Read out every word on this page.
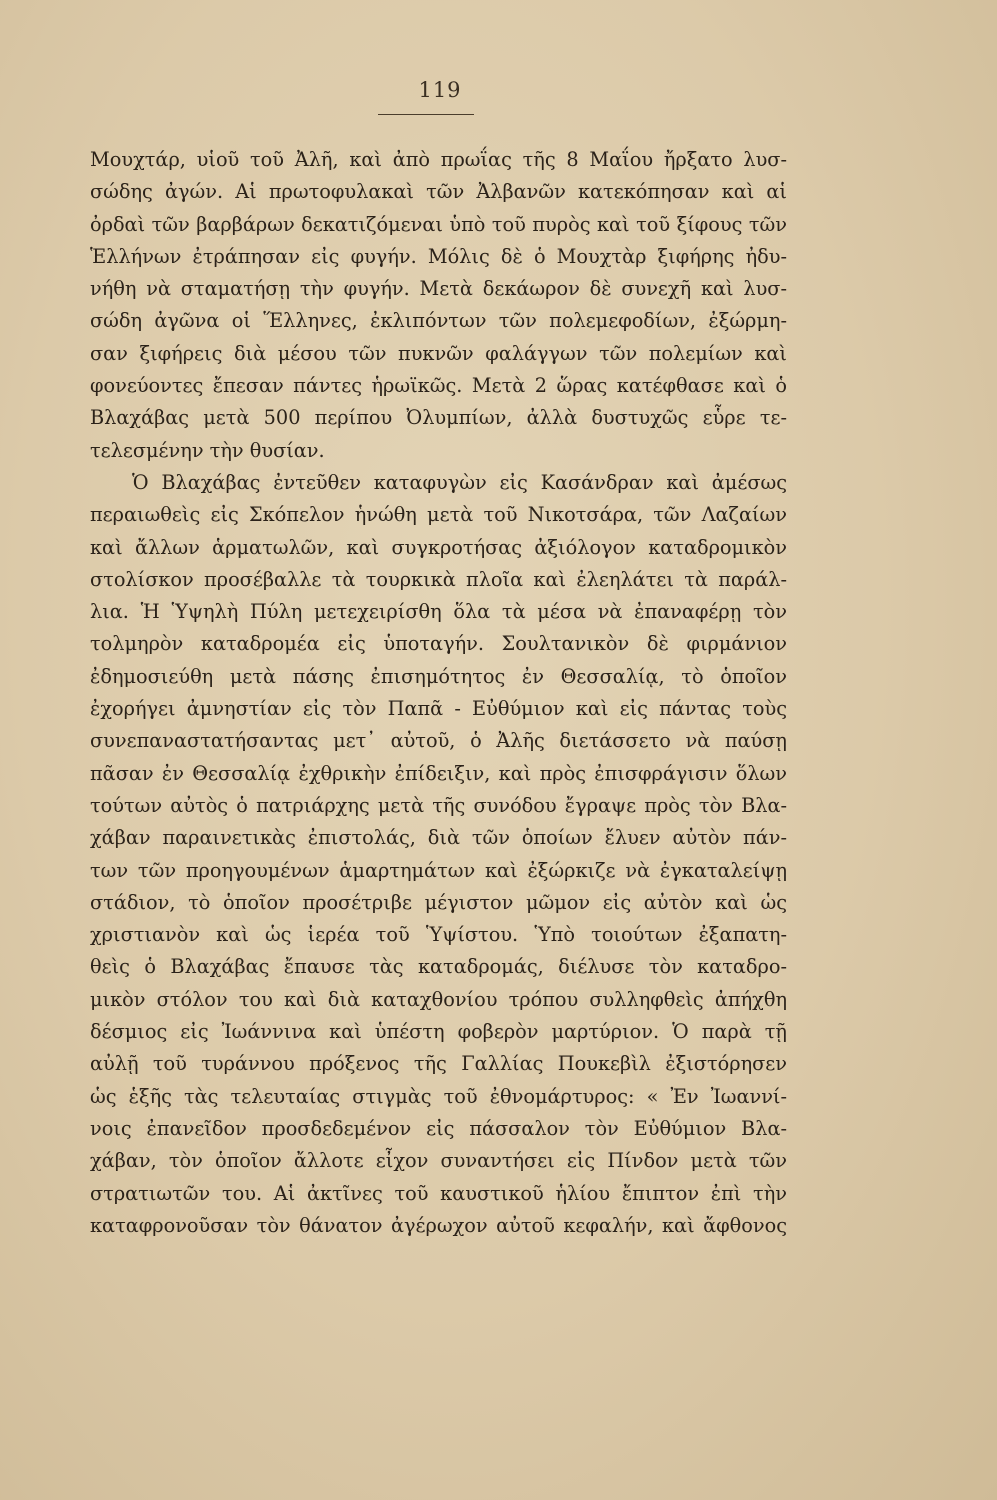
119
Μουχτάρ, υἱοῦ τοῦ Ἀλῆ, καὶ ἀπὸ πρωΐας τῆς 8 Μαΐου ἤρξατο λυσ-
σώδης ἀγών. Αἱ πρωτοφυλακαὶ τῶν Ἀλβανῶν κατεκόπησαν καὶ αἱ
ὀρδαὶ τῶν βαρβάρων δεκατιζόμεναι ὑπὸ τοῦ πυρὸς καὶ τοῦ ξίφους τῶν
Ἑλλήνων ἐτράπησαν εἰς φυγήν. Μόλις δὲ ὁ Μουχτὰρ ξιφήρης ἠδυ-
νήθη νὰ σταματήσῃ τὴν φυγήν. Μετὰ δεκάωρον δὲ συνεχῆ καὶ λυσ-
σώδη ἀγῶνα οἱ Ἕλληνες, ἐκλιπόντων τῶν πολεμεφοδίων, ἐξώρμη-
σαν ξιφήρεις διὰ μέσου τῶν πυκνῶν φαλάγγων τῶν πολεμίων καὶ
φονεύοντες ἔπεσαν πάντες ἡρωϊκῶς. Μετὰ 2 ὥρας κατέφθασε καὶ ὁ
Βλαχάβας μετὰ 500 περίπου Ὀλυμπίων, ἀλλὰ δυστυχῶς εὗρε τε-
τελεσμένην τὴν θυσίαν.
Ὁ Βλαχάβας ἐντεῦθεν καταφυγὼν εἰς Κασάνδραν καὶ ἀμέσως
περαιωθεὶς εἰς Σκόπελον ἡνώθη μετὰ τοῦ Νικοτσάρα, τῶν Λαζαίων
καὶ ἄλλων ἁρματωλῶν, καὶ συγκροτήσας ἀξιόλογον καταδρομικὸν
στολίσκον προσέβαλλε τὰ τουρκικὰ πλοῖα καὶ ἐλεηλάτει τὰ παράλ-
λια. Ἡ Ὑψηλὴ Πύλη μετεχειρίσθη ὅλα τὰ μέσα νὰ ἐπαναφέρῃ τὸν
τολμηρὸν καταδρομέα εἰς ὑποταγήν. Σουλτανικὸν δὲ φιρμάνιον
ἐδημοσιεύθη μετὰ πάσης ἐπισημότητος ἐν Θεσσαλίᾳ, τὸ ὁποῖον
ἐχορήγει ἀμνηστίαν εἰς τὸν Παπᾶ - Εὐθύμιον καὶ εἰς πάντας τοὺς
συνεπαναστατήσαντας μετ᾽ αὐτοῦ, ὁ Ἀλῆς διετάσσετο νὰ παύσῃ
πᾶσαν ἐν Θεσσαλίᾳ ἐχθρικὴν ἐπίδειξιν, καὶ πρὸς ἐπισφράγισιν ὅλων
τούτων αὐτὸς ὁ πατριάρχης μετὰ τῆς συνόδου ἔγραψε πρὸς τὸν Βλα-
χάβαν παραινετικὰς ἐπιστολάς, διὰ τῶν ὁποίων ἔλυεν αὐτὸν πάν-
των τῶν προηγουμένων ἁμαρτημάτων καὶ ἐξώρκιζε νὰ ἐγκαταλείψῃ
στάδιον, τὸ ὁποῖον προσέτριβε μέγιστον μῶμον εἰς αὐτὸν καὶ ὡς
χριστιανὸν καὶ ὡς ἱερέα τοῦ Ὑψίστου. Ὑπὸ τοιούτων ἐξαπατη-
θεὶς ὁ Βλαχάβας ἔπαυσε τὰς καταδρομάς, διέλυσε τὸν καταδρο-
μικὸν στόλον του καὶ διὰ καταχθονίου τρόπου συλληφθεὶς ἀπήχθη
δέσμιος εἰς Ἰωάννινα καὶ ὑπέστη φοβερὸν μαρτύριον. Ὁ παρὰ τῇ
αὐλῇ τοῦ τυράννου πρόξενος τῆς Γαλλίας Πουκεβὶλ ἐξιστόρησεν
ὡς ἑξῆς τὰς τελευταίας στιγμὰς τοῦ ἐθνομάρτυρος: « Ἐν Ἰωαννί-
νοις ἐπανεῖδον προσδεδεμένον εἰς πάσσαλον τὸν Εὐθύμιον Βλα-
χάβαν, τὸν ὁποῖον ἄλλοτε εἶχον συναντήσει εἰς Πίνδον μετὰ τῶν
στρατιωτῶν του. Αἱ ἀκτῖνες τοῦ καυστικοῦ ἡλίου ἔπιπτον ἐπὶ τὴν
καταφρονοῦσαν τὸν θάνατον ἀγέρωχον αὐτοῦ κεφαλήν, καὶ ἄφθονος
